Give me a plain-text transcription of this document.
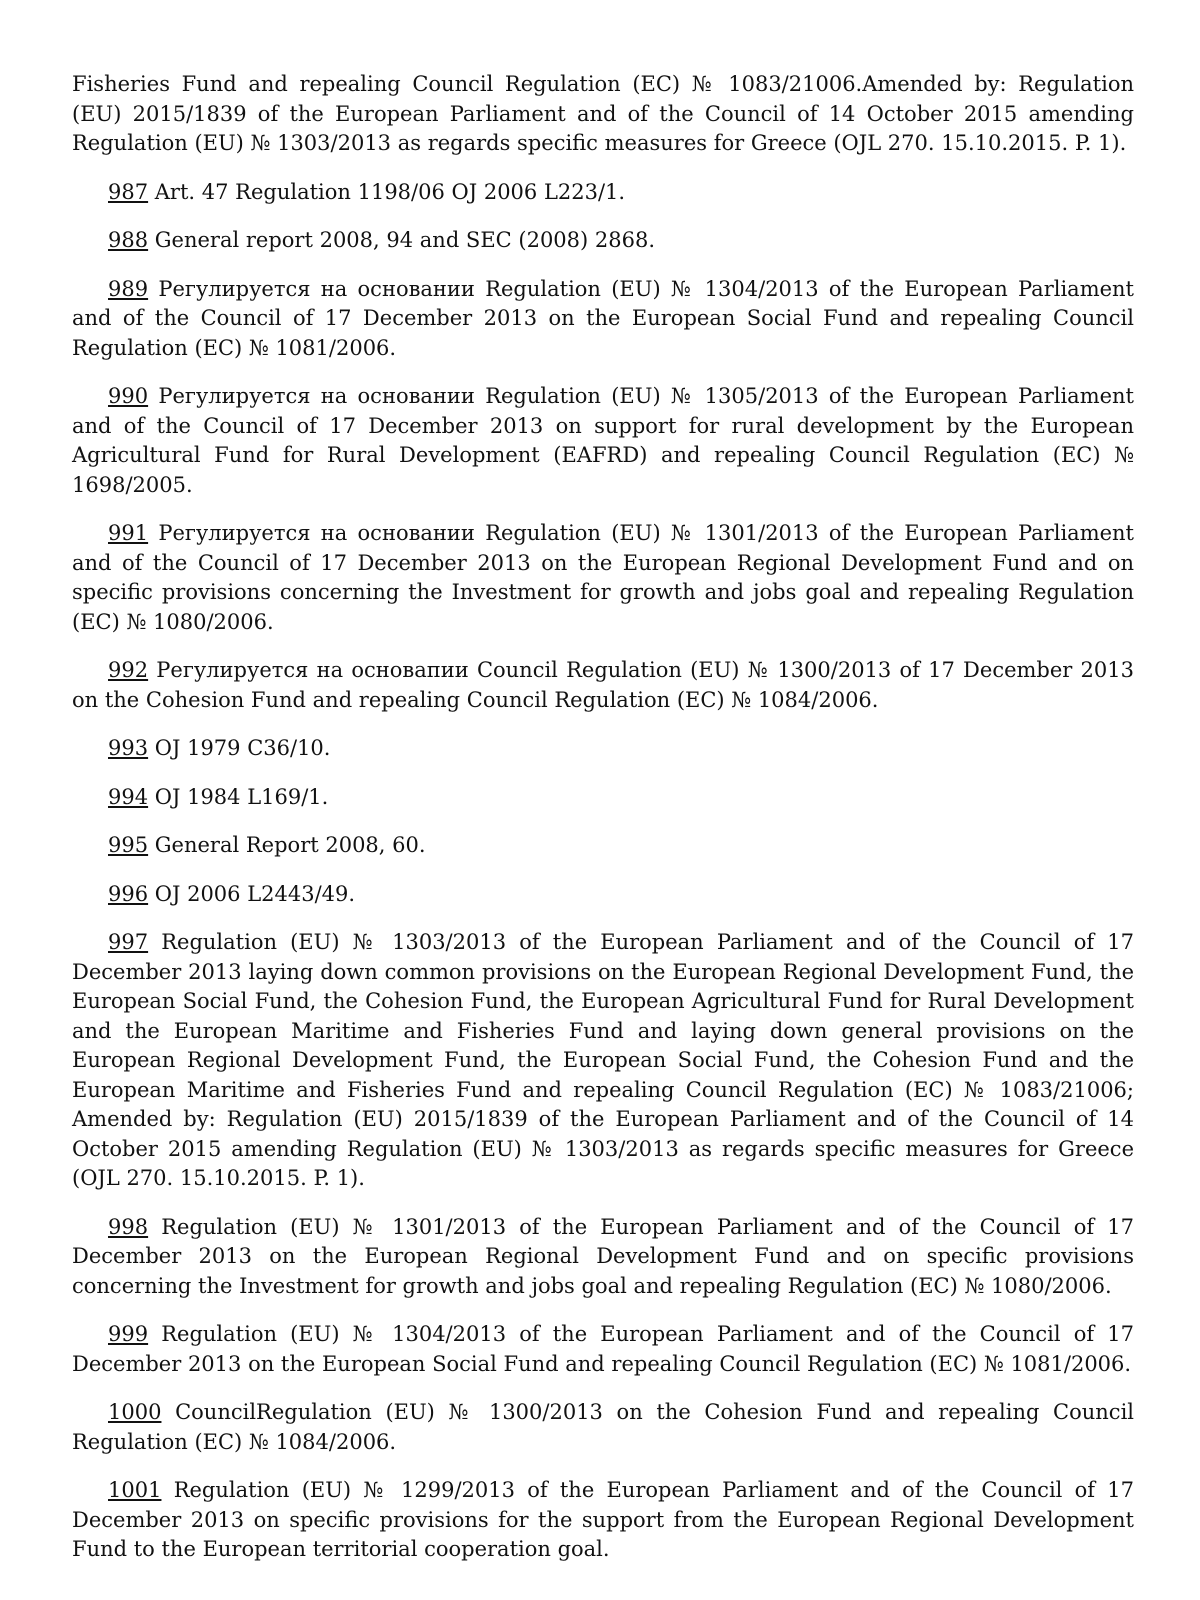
Fisheries Fund and repealing Council Regulation (EC) № 1083/21006.Amended by: Regulation (EU) 2015/1839 of the European Parliament and of the Council of 14 October 2015 amending Regulation (EU) № 1303/2013 as regards specific measures for Greece (OJL 270. 15.10.2015. P. 1).

987 Art. 47 Regulation 1198/06 OJ 2006 L223/1.

988 General report 2008, 94 and SEC (2008) 2868.

989 Регулируется на основании Regulation (EU) № 1304/2013 of the European Parliament and of the Council of 17 December 2013 on the European Social Fund and repealing Council Regulation (EC) № 1081/2006.

990 Регулируется на основании Regulation (EU) № 1305/2013 of the European Parliament and of the Council of 17 December 2013 on support for rural development by the European Agricultural Fund for Rural Development (EAFRD) and repealing Council Regulation (EC) № 1698/2005.

991 Регулируется на основании Regulation (EU) № 1301/2013 of the European Parliament and of the Council of 17 December 2013 on the European Regional Development Fund and on specific provisions concerning the Investment for growth and jobs goal and repealing Regulation (EC) № 1080/2006.

992 Регулируется на основапии Council Regulation (EU) № 1300/2013 of 17 December 2013 on the Cohesion Fund and repealing Council Regulation (EC) № 1084/2006.

993 OJ 1979 C36/10.

994 OJ 1984 L169/1.

995 General Report 2008, 60.

996 OJ 2006 L2443/49.

997 Regulation (EU) № 1303/2013 of the European Parliament and of the Council of 17 December 2013 laying down common provisions on the European Regional Development Fund, the European Social Fund, the Cohesion Fund, the European Agricultural Fund for Rural Development and the European Maritime and Fisheries Fund and laying down general provisions on the European Regional Development Fund, the European Social Fund, the Cohesion Fund and the European Maritime and Fisheries Fund and repealing Council Regulation (EC) № 1083/21006; Amended by: Regulation (EU) 2015/1839 of the European Parliament and of the Council of 14 October 2015 amending Regulation (EU) № 1303/2013 as regards specific measures for Greece (OJL 270. 15.10.2015. P. 1).

998 Regulation (EU) № 1301/2013 of the European Parliament and of the Council of 17 December 2013 on the European Regional Development Fund and on specific provisions concerning the Investment for growth and jobs goal and repealing Regulation (EC) № 1080/2006.

999 Regulation (EU) № 1304/2013 of the European Parliament and of the Council of 17 December 2013 on the European Social Fund and repealing Council Regulation (EC) № 1081/2006.

1000 CouncilRegulation (EU) № 1300/2013 on the Cohesion Fund and repealing Council Regulation (EC) № 1084/2006.

1001 Regulation (EU) № 1299/2013 of the European Parliament and of the Council of 17 December 2013 on specific provisions for the support from the European Regional Development Fund to the European territorial cooperation goal.
